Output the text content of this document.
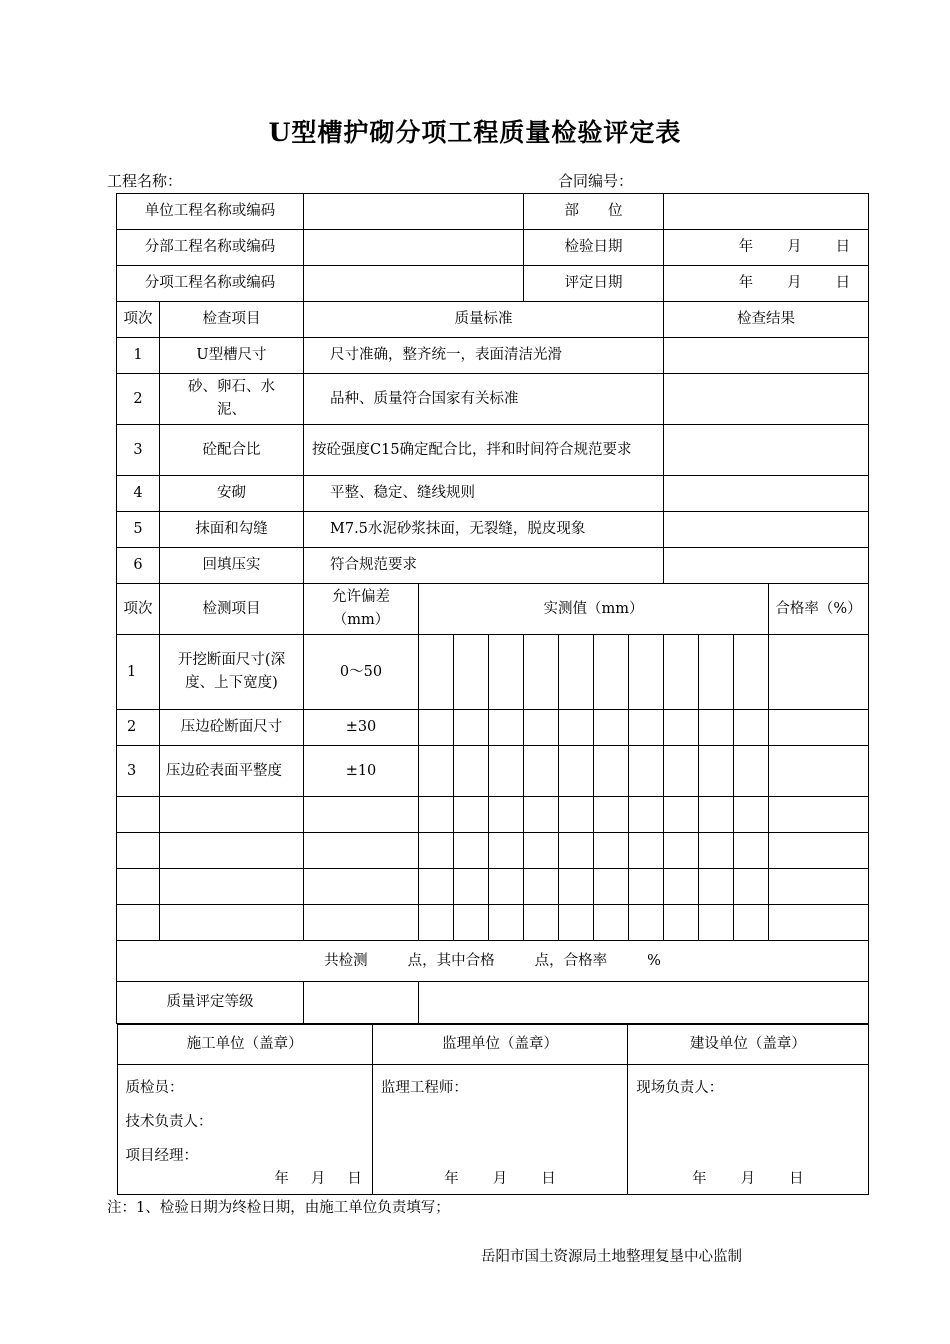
U型槽护砌分项工程质量检验评定表
工程名称：	合同编号：
单位工程名称或编码		部　　位	
分部工程名称或编码		检验日期	年 月 日
分项工程名称或编码		评定日期	年 月 日
项次	检查项目	质量标准	检查结果
1	U型槽尺寸	尺寸准确，整齐统一，表面清洁光滑	
2	砂、卵石、水泥、	品种、质量符合国家有关标准	
3	砼配合比	按砼强度C15确定配合比，拌和时间符合规范要求	
4	安砌	平整、稳定、缝线规则	
5	抹面和勾缝	M7.5水泥砂浆抹面，无裂缝，脱皮现象	
6	回填压实	符合规范要求	
项次	检测项目	允许偏差（mm）	实测值（mm）	合格率（%）
1	开挖断面尺寸(深度、上下宽度)	0～50											
2	压边砼断面尺寸	±30											
3	压边砼表面平整度	±10											

共检测	点，其中合格	点，合格率	%

质量评定等级

施工单位（盖章）	监理单位（盖章）	建设单位（盖章）

质检员：
技术负责人：
项目经理：
年 月 日

监理工程师：
年 月 日

现场负责人：
年 月 日
注：1、检验日期为终检日期，由施工单位负责填写；
岳阳市国土资源局土地整理复垦中心监制
